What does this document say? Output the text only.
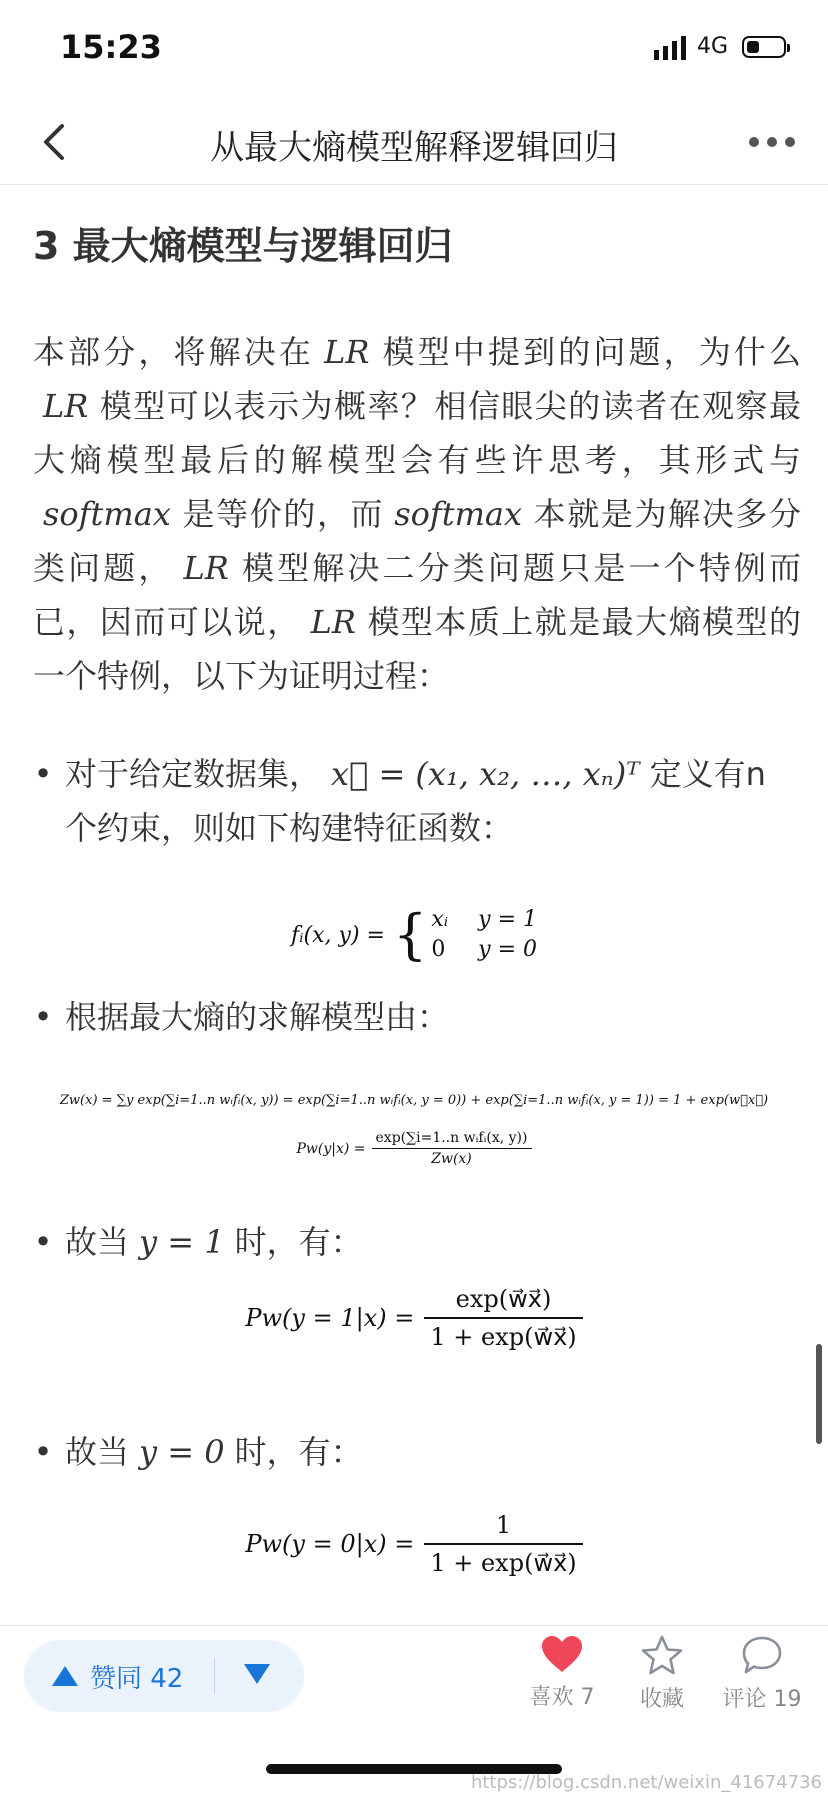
15:23	4G
从最大熵模型解释逻辑回归
3 最大熵模型与逻辑回归
本部分，将解决在 LR 模型中提到的问题，为什么LR 模型可以表示为概率？相信眼尖的读者在观察最大熵模型最后的解模型会有些许思考，其形式与softmax 是等价的，而 softmax 本就是为解决多分类问题， LR 模型解决二分类问题只是一个特例而已，因而可以说， LR 模型本质上就是最大熵模型的一个特例，以下为证明过程：
• 对于给定数据集， x⃗ = (x₁, x₂, …, xₙ)ᵀ 定义有n个约束，则如下构建特征函数：
fᵢ(x, y) = { xᵢ y = 1
0 y = 0
• 根据最大熵的求解模型由：
Zw(x) = ∑y exp(∑i=1..n wᵢfᵢ(x, y)) = exp(∑i=1..n wᵢfᵢ(x, y = 0)) + exp(∑i=1..n wᵢfᵢ(x, y = 1)) = 1 + exp(w⃗x⃗)
Pw(y|x) =
exp(∑i=1..n wᵢfᵢ(x, y))
Zw(x)
• 故当 y = 1 时，有：
Pw(y = 1|x) =
exp(w⃗x⃗)
1 + exp(w⃗x⃗)
• 故当 y = 0 时，有：
Pw(y = 0|x) =
1
1 + exp(w⃗x⃗)
赞同 42
喜欢 7	收藏	评论 19
https://blog.csdn.net/weixin_41674736
